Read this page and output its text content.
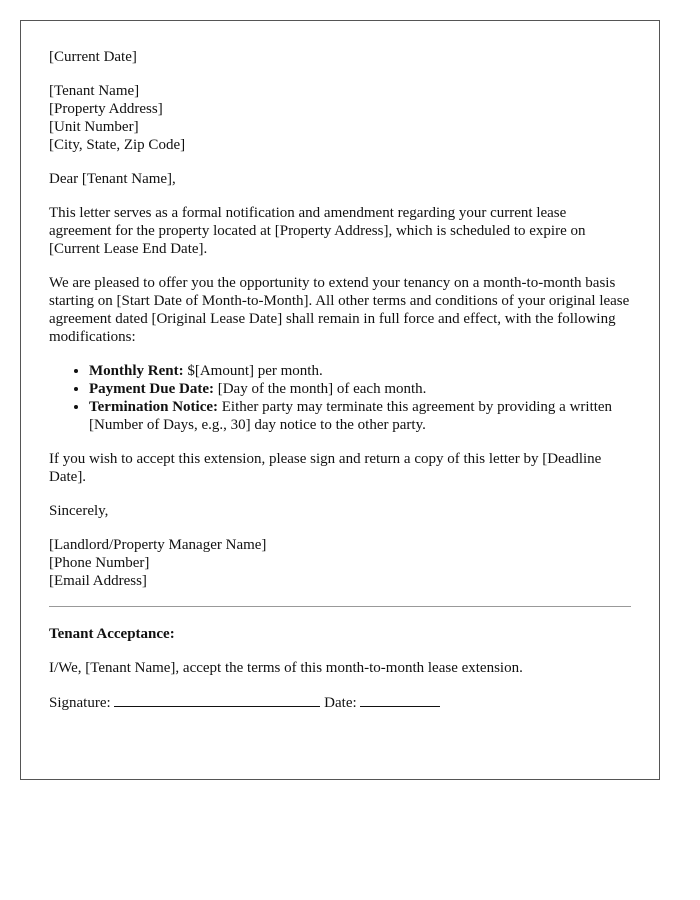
[Current Date]
[Tenant Name]
[Property Address]
[Unit Number]
[City, State, Zip Code]

Dear [Tenant Name],

This letter serves as a formal notification and amendment regarding your current lease agreement for the property located at [Property Address], which is scheduled to expire on [Current Lease End Date].

We are pleased to offer you the opportunity to extend your tenancy on a month-to-month basis starting on [Start Date of Month-to-Month]. All other terms and conditions of your original lease agreement dated [Original Lease Date] shall remain in full force and effect, with the following modifications:

• Monthly Rent: $[Amount] per month.
• Payment Due Date: [Day of the month] of each month.
• Termination Notice: Either party may terminate this agreement by providing a written [Number of Days, e.g., 30] day notice to the other party.

If you wish to accept this extension, please sign and return a copy of this letter by [Deadline Date].

Sincerely,

[Landlord/Property Manager Name]
[Phone Number]
[Email Address]

Tenant Acceptance:

I/We, [Tenant Name], accept the terms of this month-to-month lease extension.

Signature:	Date:
